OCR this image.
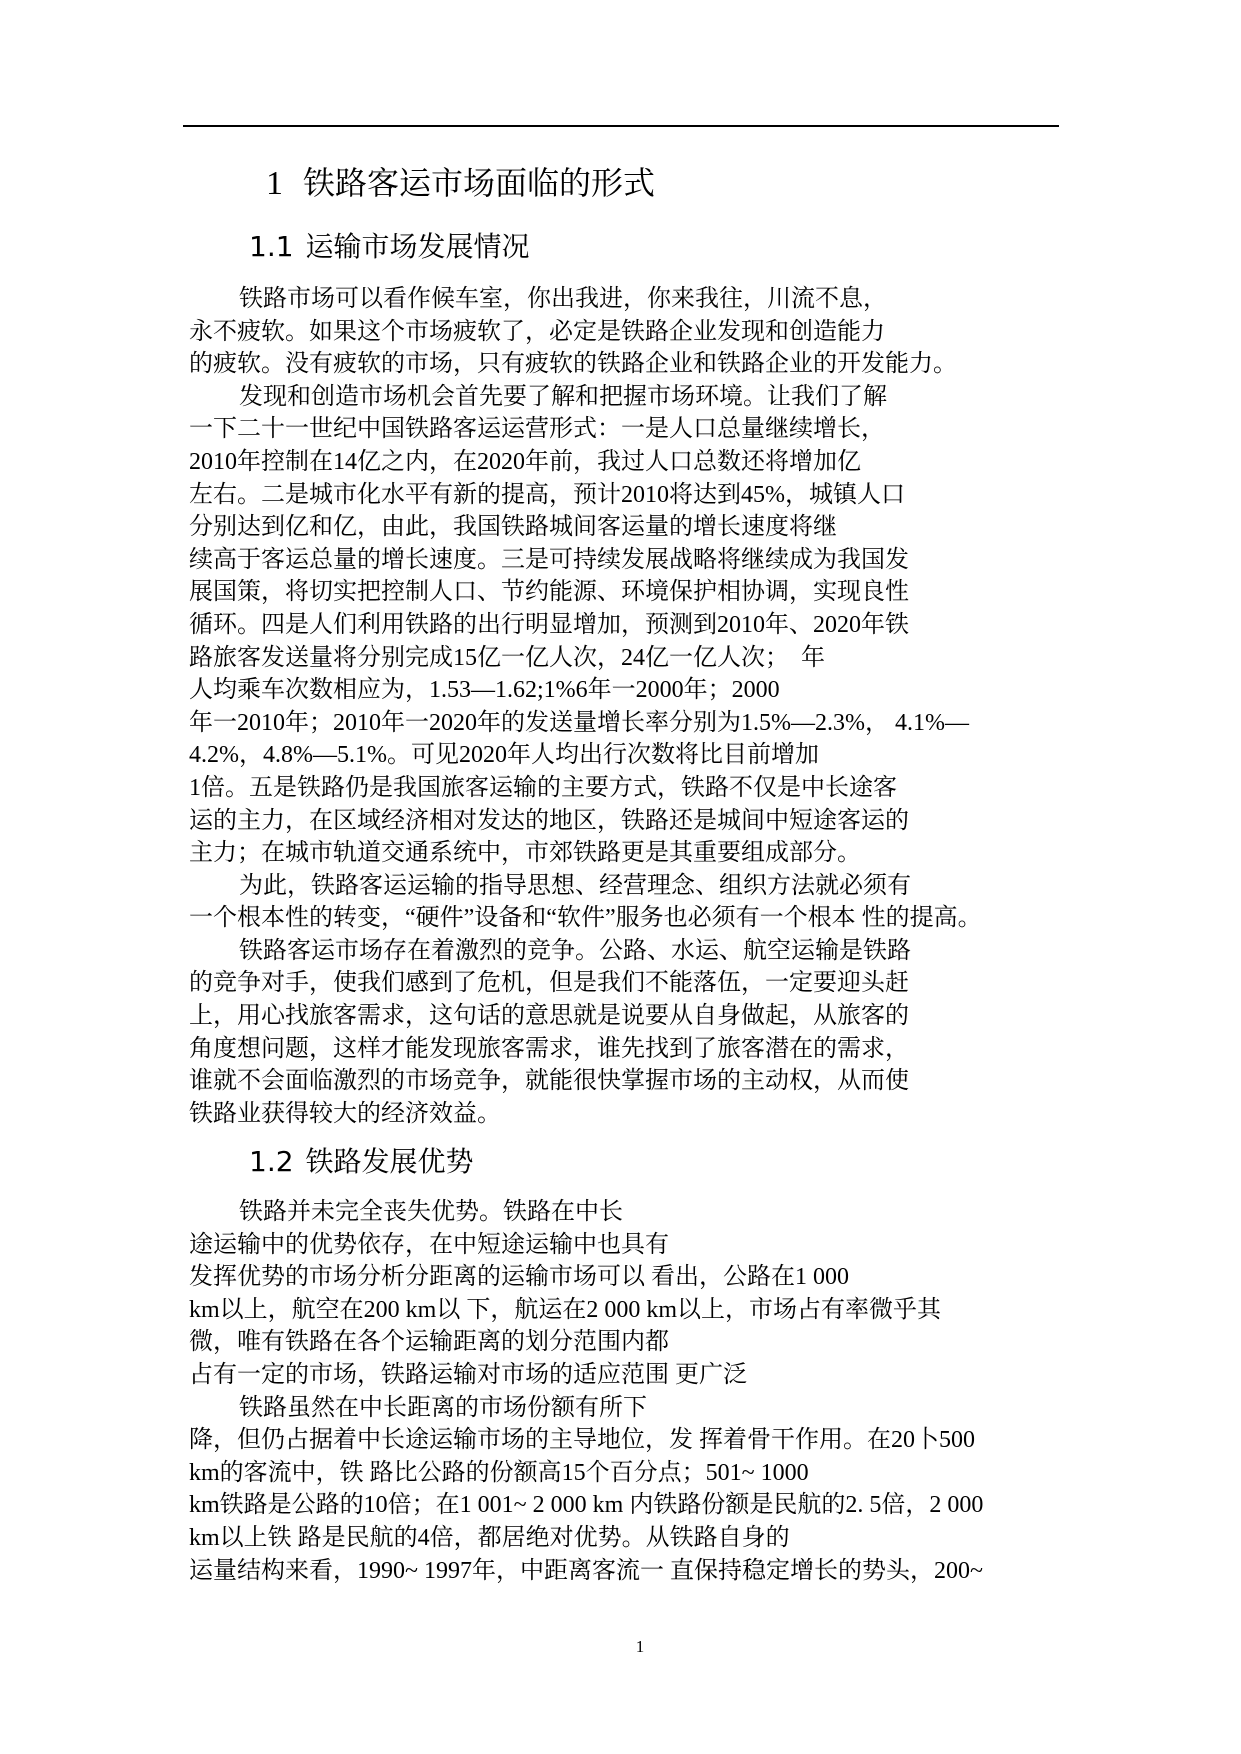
1 铁路客运市场面临的形式
1.1 运输市场发展情况
铁路市场可以看作候车室，你出我进，你来我往，川流不息，
永不疲软。如果这个市场疲软了，必定是铁路企业发现和创造能力
的疲软。没有疲软的市场，只有疲软的铁路企业和铁路企业的开发能力。
发现和创造市场机会首先要了解和把握市场环境。让我们了解
一下二十一世纪中国铁路客运运营形式：一是人口总量继续增长，
2010年控制在14亿之内，在2020年前，我过人口总数还将增加亿
左右。二是城市化水平有新的提高，预计2010将达到45%，城镇人口
分别达到亿和亿，由此，我国铁路城间客运量的增长速度将继
续高于客运总量的增长速度。三是可持续发展战略将继续成为我国发
展国策，将切实把控制人口、节约能源、环境保护相协调，实现良性
循环。四是人们利用铁路的出行明显增加，预测到2010年、2020年铁
路旅客发送量将分别完成15亿一亿人次，24亿一亿人次；  年
人均乘车次数相应为，1.53—1.62;1%6年一2000年；2000
年一2010年；2010年一2020年的发送量增长率分别为1.5%—2.3%， 4.1%—
4.2%，4.8%—5.1%。可见2020年人均出行次数将比目前增加
1倍。五是铁路仍是我国旅客运输的主要方式，铁路不仅是中长途客
运的主力，在区域经济相对发达的地区，铁路还是城间中短途客运的
主力；在城市轨道交通系统中，市郊铁路更是其重要组成部分。
为此，铁路客运运输的指导思想、经营理念、组织方法就必须有
一个根本性的转变，“硬件”设备和“软件”服务也必须有一个根本 性的提高。
铁路客运市场存在着激烈的竞争。公路、水运、航空运输是铁路
的竞争对手，使我们感到了危机，但是我们不能落伍，一定要迎头赶
上，用心找旅客需求，这句话的意思就是说要从自身做起，从旅客的
角度想问题，这样才能发现旅客需求，谁先找到了旅客潜在的需求，
谁就不会面临激烈的市场竞争，就能很快掌握市场的主动权，从而使
铁路业获得较大的经济效益。
1.2 铁路发展优势
铁路并未完全丧失优势。铁路在中长
途运输中的优势依存，在中短途运输中也具有
发挥优势的市场分析分距离的运输市场可以 看出，公路在1 000
km以上，航空在200 km以 下，航运在2 000 km以上，市场占有率微乎其
微，唯有铁路在各个运输距离的划分范围内都
占有一定的市场，铁路运输对市场的适应范围 更广泛
铁路虽然在中长距离的市场份额有所下
降，但仍占据着中长途运输市场的主导地位，发 挥着骨干作用。在20卜500
km的客流中，铁 路比公路的份额高15个百分点；501~ 1000
km铁路是公路的10倍；在1 001~ 2 000 km 内铁路份额是民航的2. 5倍，2 000
km以上铁 路是民航的4倍，都居绝对优势。从铁路自身的
运量结构来看，1990~ 1997年，中距离客流一 直保持稳定增长的势头，200~
1
